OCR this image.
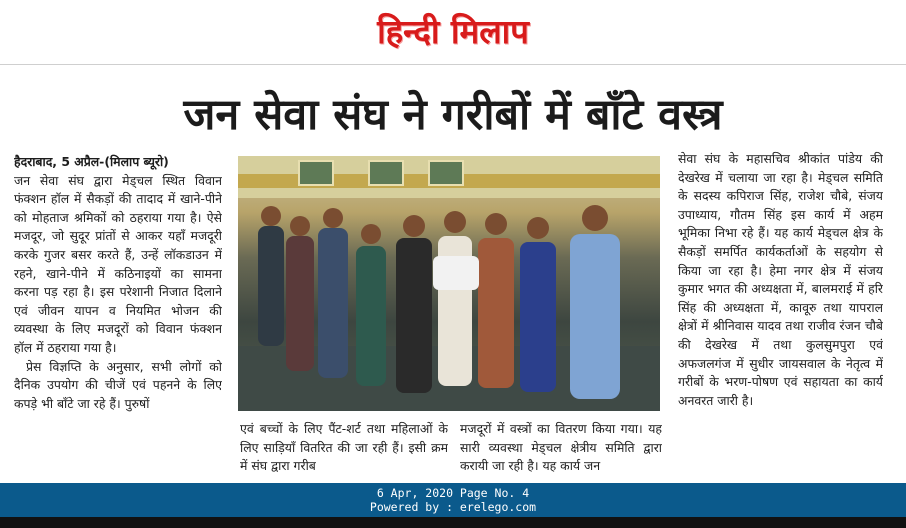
हिन्दी मिलाप
जन सेवा संघ ने गरीबों में बाँटे वस्त्र
हैदराबाद, 5 अप्रैल-(मिलाप ब्यूरो)
जन सेवा संघ द्वारा मेड्चल स्थित विवान फंक्शन हॉल में सैकड़ों की तादाद में खाने-पीने को मोहताज श्रमिकों को ठहराया गया है। ऐसे मजदूर, जो सुदूर प्रांतों से आकर यहाँ मजदूरी करके गुजर बसर करते हैं, उन्हें लॉकडाउन में रहने, खाने-पीने में कठिनाइयों का सामना करना पड़ रहा है। इस परेशानी निजात दिलाने एवं जीवन यापन व नियमित भोजन की व्यवस्था के लिए मजदूरों को विवान फंक्शन हॉल में ठहराया गया है।
प्रेस विज्ञप्ति के अनुसार, सभी लोगों को दैनिक उपयोग की चीजें एवं पहनने के लिए कपड़े भी बाँटे जा रहे हैं। पुरुषों
एवं बच्चों के लिए पैंट-शर्ट तथा महिलाओं के लिए साड़ियाँ वितरित की जा रही हैं। इसी क्रम में संघ द्वारा गरीब
मजदूरों में वस्त्रों का वितरण किया गया। यह सारी व्यवस्था मेड्चल क्षेत्रीय समिति द्वारा करायी जा रही है। यह कार्य जन
सेवा संघ के महासचिव श्रीकांत पांडेय की देखरेख में चलाया जा रहा है। मेड्चल समिति के सदस्य कपिराज सिंह, राजेश चौबे, संजय उपाध्याय, गौतम सिंह इस कार्य में अहम भूमिका निभा रहे हैं। यह कार्य मेड्चल क्षेत्र के सैकड़ों समर्पित कार्यकर्ताओं के सहयोग से किया जा रहा है। हेमा नगर क्षेत्र में संजय कुमार भगत की अध्यक्षता में, बालमराई में हरि सिंह की अध्यक्षता में, कावूरु तथा यापराल क्षेत्रों में श्रीनिवास यादव तथा राजीव रंजन चौबे की देखरेख में तथा कुलसुमपुरा एवं अफजलगंज में सुधीर जायसवाल के नेतृत्व में गरीबों के भरण-पोषण एवं सहायता का कार्य अनवरत जारी है।
6 Apr, 2020 Page No. 4
Powered by : erelego.com
